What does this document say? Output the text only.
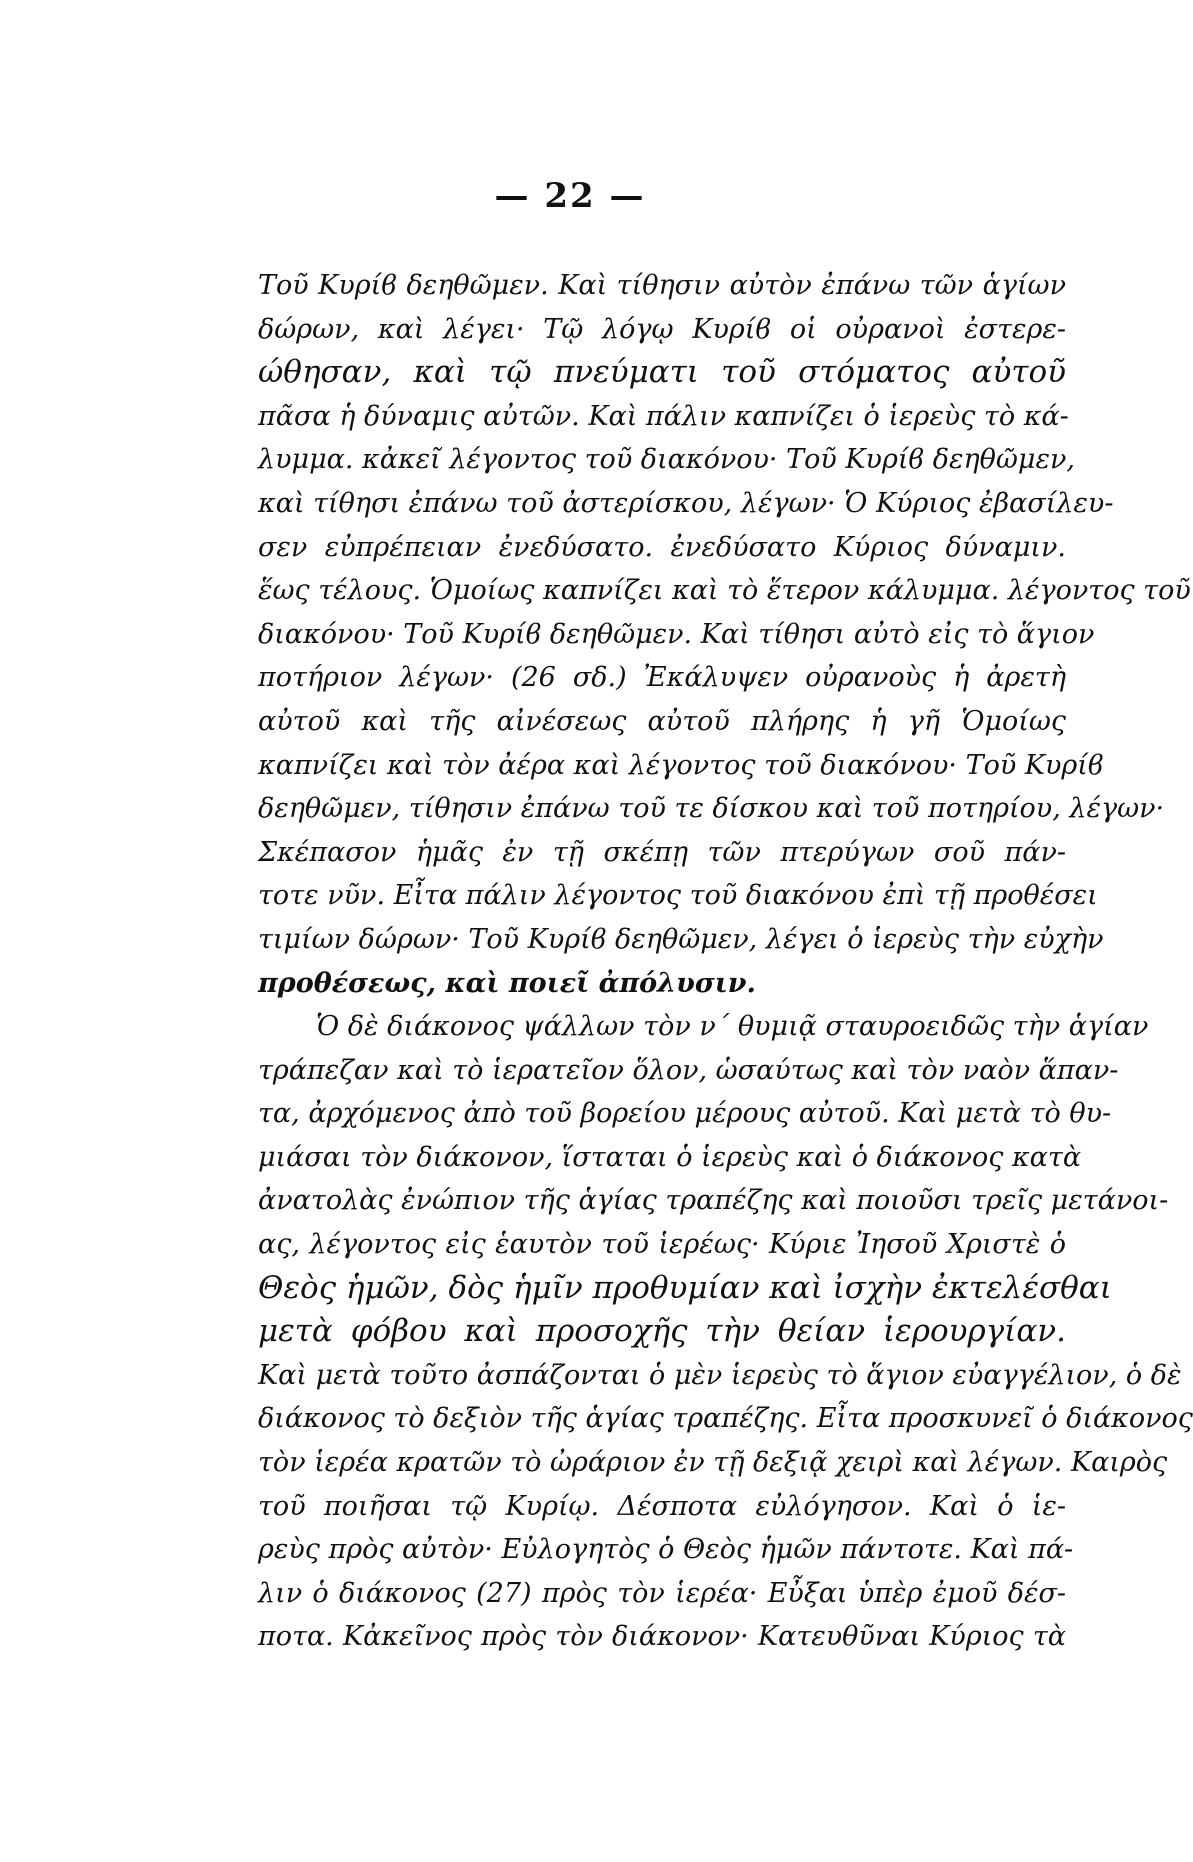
— 22 —
Τοῦ Κυρίϐ δεηθῶμεν. Καὶ τίθησιν αὐτὸν ἐπάνω τῶν ἁγίων
δώρων, καὶ λέγει· Τῷ λόγῳ Κυρίϐ οἱ οὐρανοὶ ἐστερε-
ώθησαν, καὶ τῷ πνεύματι τοῦ στόματος αὐτοῦ
πᾶσα ἡ δύναμις αὐτῶν. Καὶ πάλιν καπνίζει ὁ ἱερεὺς τὸ κά-
λυμμα. κἀκεῖ λέγοντος τοῦ διακόνου· Τοῦ Κυρίϐ δεηθῶμεν,
καὶ τίθησι ἐπάνω τοῦ ἀστερίσκου, λέγων· Ὁ Κύριος ἐβασίλευ-
σεν εὐπρέπειαν ἐνεδύσατο. ἐνεδύσατο Κύριος δύναμιν.
ἕως τέλους. Ὁμοίως καπνίζει καὶ τὸ ἕτερον κάλυμμα. λέγοντος τοῦ
διακόνου· Τοῦ Κυρίϐ δεηθῶμεν. Καὶ τίθησι αὐτὸ εἰς τὸ ἅγιον
ποτήριον λέγων· (26 σδ.) Ἐκάλυψεν οὐρανοὺς ἡ ἀρετὴ
αὐτοῦ καὶ τῆς αἰνέσεως αὐτοῦ πλήρης ἡ γῆ Ὁμοίως
καπνίζει καὶ τὸν ἀέρα καὶ λέγοντος τοῦ διακόνου· Τοῦ Κυρίϐ
δεηθῶμεν, τίθησιν ἐπάνω τοῦ τε δίσκου καὶ τοῦ ποτηρίου, λέγων·
Σκέπασον ἡμᾶς ἐν τῇ σκέπῃ τῶν πτερύγων σοῦ πάν-
τοτε νῦν. Εἶτα πάλιν λέγοντος τοῦ διακόνου ἐπὶ τῇ προθέσει
τιμίων δώρων· Τοῦ Κυρίϐ δεηθῶμεν, λέγει ὁ ἱερεὺς τὴν εὐχὴν
προθέσεως, καὶ ποιεῖ ἀπόλυσιν.
Ὁ δὲ διάκονος ψάλλων τὸν ν΄ θυμιᾷ σταυροειδῶς τὴν ἁγίαν
τράπεζαν καὶ τὸ ἱερατεῖον ὅλον, ὡσαύτως καὶ τὸν ναὸν ἅπαν-
τα, ἀρχόμενος ἀπὸ τοῦ βορείου μέρους αὐτοῦ. Καὶ μετὰ τὸ θυ-
μιάσαι τὸν διάκονον, ἵσταται ὁ ἱερεὺς καὶ ὁ διάκονος κατὰ
ἀνατολὰς ἐνώπιον τῆς ἁγίας τραπέζης καὶ ποιοῦσι τρεῖς μετάνοι-
ας, λέγοντος εἰς ἑαυτὸν τοῦ ἱερέως· Κύριε Ἰησοῦ Χριστὲ ὁ
Θεὸς ἡμῶν, δὸς ἡμῖν προθυμίαν καὶ ἰσχὴν ἐκτελέσθαι
μετὰ φόβου καὶ προσοχῆς τὴν θείαν ἱερουργίαν.
Καὶ μετὰ τοῦτο ἀσπάζονται ὁ μὲν ἱερεὺς τὸ ἅγιον εὐαγγέλιον, ὁ δὲ
διάκονος τὸ δεξιὸν τῆς ἁγίας τραπέζης. Εἶτα προσκυνεῖ ὁ διάκονος
τὸν ἱερέα κρατῶν τὸ ὠράριον ἐν τῇ δεξιᾷ χειρὶ καὶ λέγων. Καιρὸς
τοῦ ποιῆσαι τῷ Κυρίῳ. Δέσποτα εὐλόγησον. Καὶ ὁ ἱε-
ρεὺς πρὸς αὐτὸν· Εὐλογητὸς ὁ Θεὸς ἡμῶν πάντοτε. Καὶ πά-
λιν ὁ διάκονος (27) πρὸς τὸν ἱερέα· Εὖξαι ὑπὲρ ἐμοῦ δέσ-
ποτα. Κἀκεῖνος πρὸς τὸν διάκονον· Κατευθῦναι Κύριος τὰ
